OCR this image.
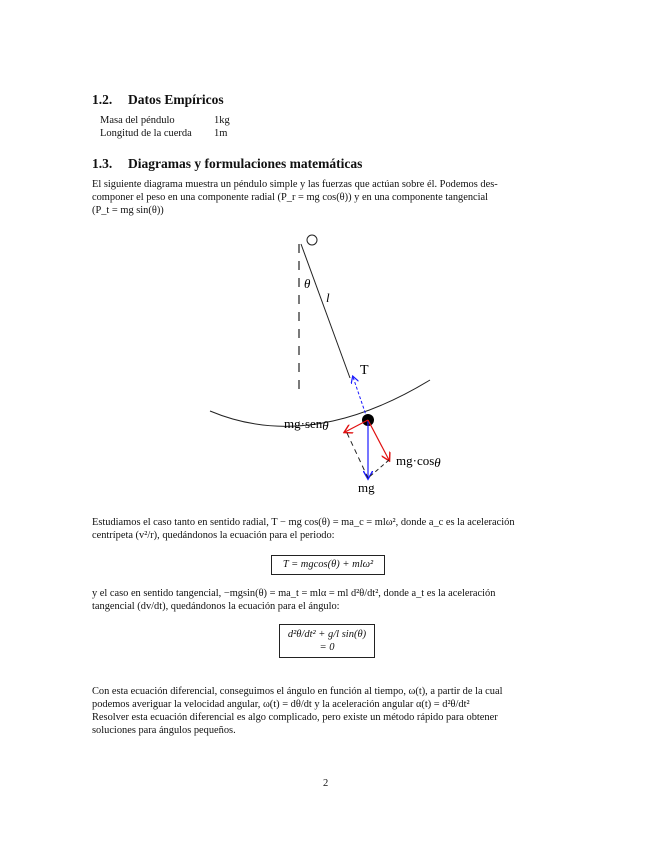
1.2. Datos Empíricos
Masa del péndulo	1kg
Longitud de la cuerda 1m
1.3. Diagramas y formulaciones matemáticas

El siguiente diagrama muestra un péndulo simple y las fuerzas que actúan sobre él. Podemos des-

componer el peso en una componente radial (P_r = mg cos(θ)) y en una componente tangencial

(P_t = mg sin(θ))

θ
l
T
mg·senθ
mg·cosθ
mg

Estudiamos el caso tanto en sentido radial, T − mg cos(θ) = ma_c = mlω², donde a_c es la aceleración

centrípeta (v²/r), quedándonos la ecuación para el periodo:

T = mgcos(θ) + mlω²

y el caso en sentido tangencial, −mgsin(θ) = ma_t = mlα = ml d²θ/dt², donde a_t es la aceleración

tangencial (dv/dt), quedándonos la ecuación para el ángulo:

d²θ/dt² + g/l sin(θ) = 0

Con esta ecuación diferencial, conseguimos el ángulo en función al tiempo, ω(t), a partir de la cual

podemos averiguar la velocidad angular, ω(t) = dθ/dt y la aceleración angular α(t) = d²θ/dt²

Resolver esta ecuación diferencial es algo complicado, pero existe un método rápido para obtener

soluciones para ángulos pequeños.

2
